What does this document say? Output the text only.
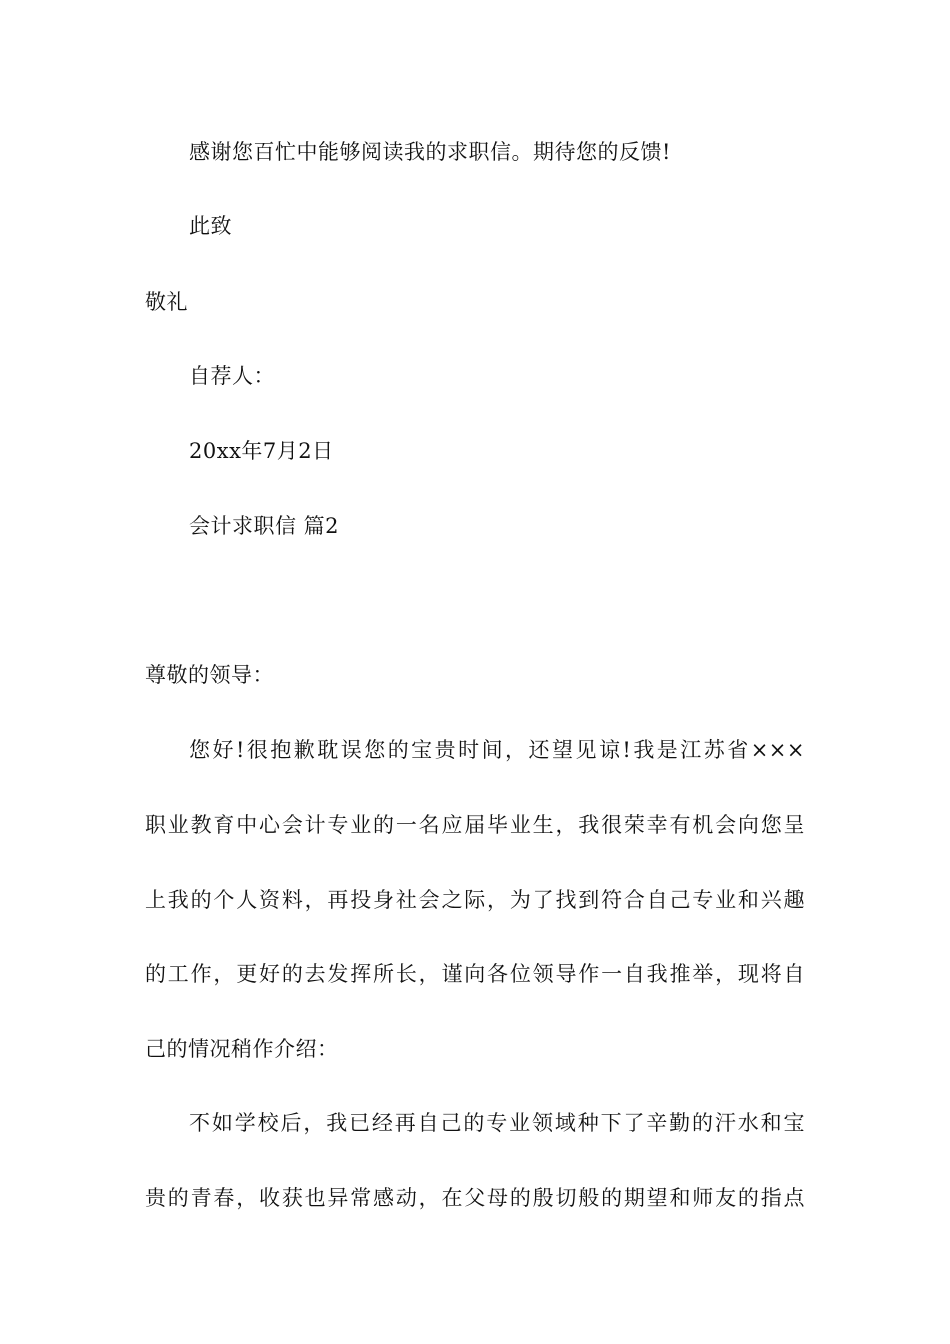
感谢您百忙中能够阅读我的求职信。期待您的反馈!
此致
敬礼
自荐人：
20xx年7月2日
会计求职信 篇2
尊敬的领导：
您好!很抱歉耽误您的宝贵时间，还望见谅!我是江苏省×××
职业教育中心会计专业的一名应届毕业生，我很荣幸有机会向您呈
上我的个人资料，再投身社会之际，为了找到符合自己专业和兴趣
的工作，更好的去发挥所长，谨向各位领导作一自我推举，现将自
己的情况稍作介绍：
不如学校后，我已经再自己的专业领域种下了辛勤的汗水和宝
贵的青春，收获也异常感动，在父母的殷切般的期望和师友的指点
